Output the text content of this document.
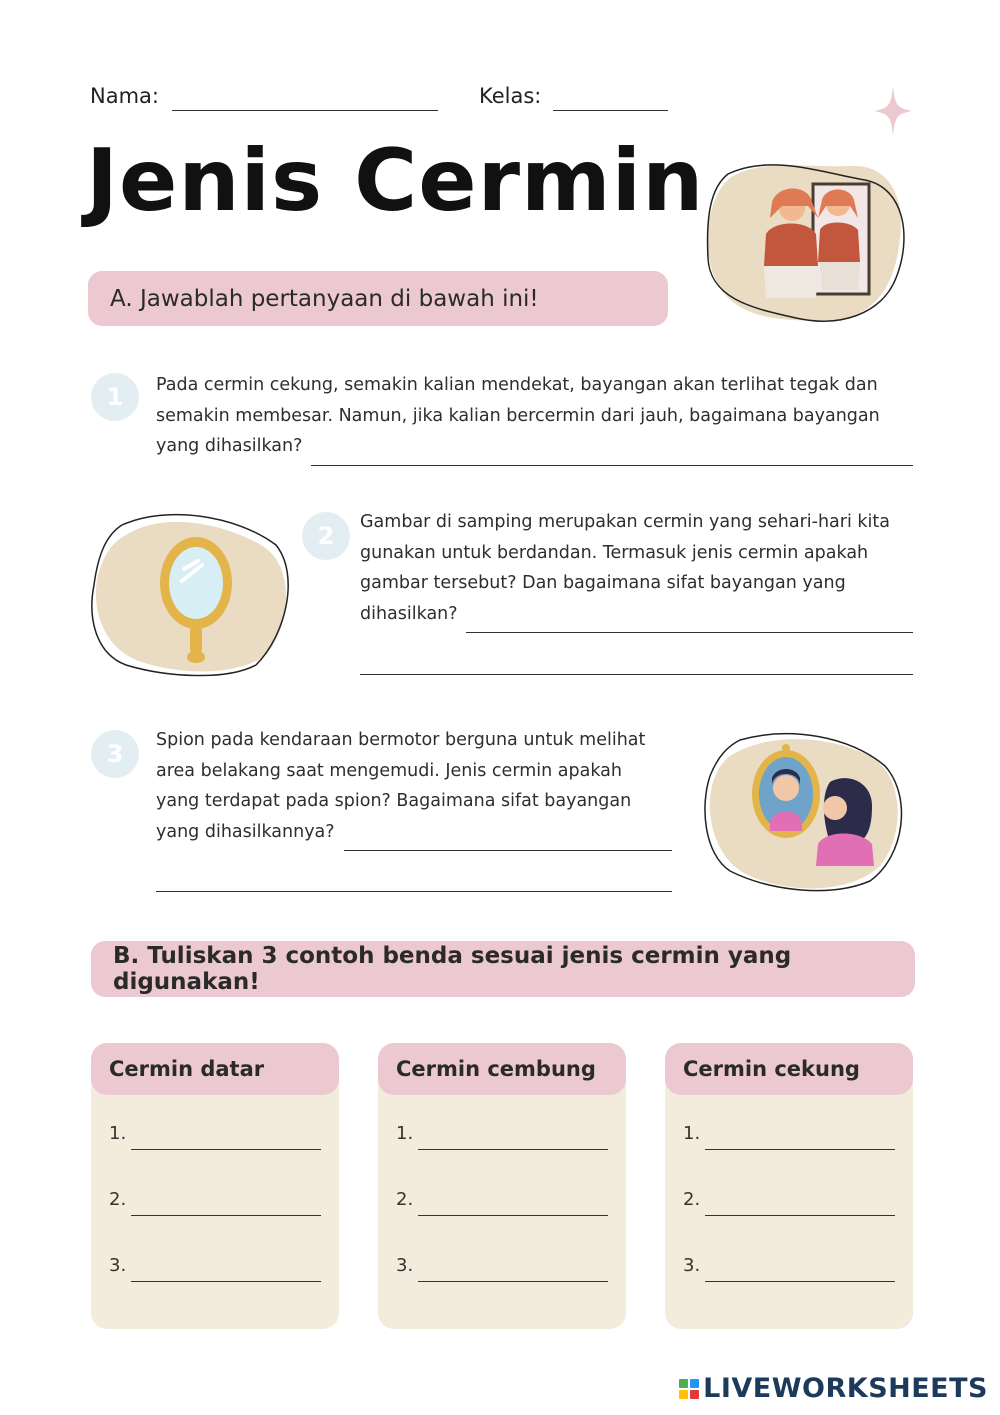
Nama:	Kelas:
Jenis Cermin
A. Jawablah pertanyaan di bawah ini!
1	Pada cermin cekung, semakin kalian mendekat, bayangan akan terlihat tegak dan
semakin membesar. Namun, jika kalian bercermin dari jauh, bagaimana bayangan
yang dihasilkan?
2	Gambar di samping merupakan cermin yang sehari-hari kita
gunakan untuk berdandan. Termasuk jenis cermin apakah
gambar tersebut? Dan bagaimana sifat bayangan yang
dihasilkan?
3	Spion pada kendaraan bermotor berguna untuk melihat
area belakang saat mengemudi. Jenis cermin apakah
yang terdapat pada spion? Bagaimana sifat bayangan
yang dihasilkannya?
B. Tuliskan 3 contoh benda sesuai jenis cermin yang digunakan!
Cermin datar
1.
2.
3.
Cermin cembung
1.
2.
3.
Cermin cekung
1.
2.
3.
LIVEWORKSHEETS
